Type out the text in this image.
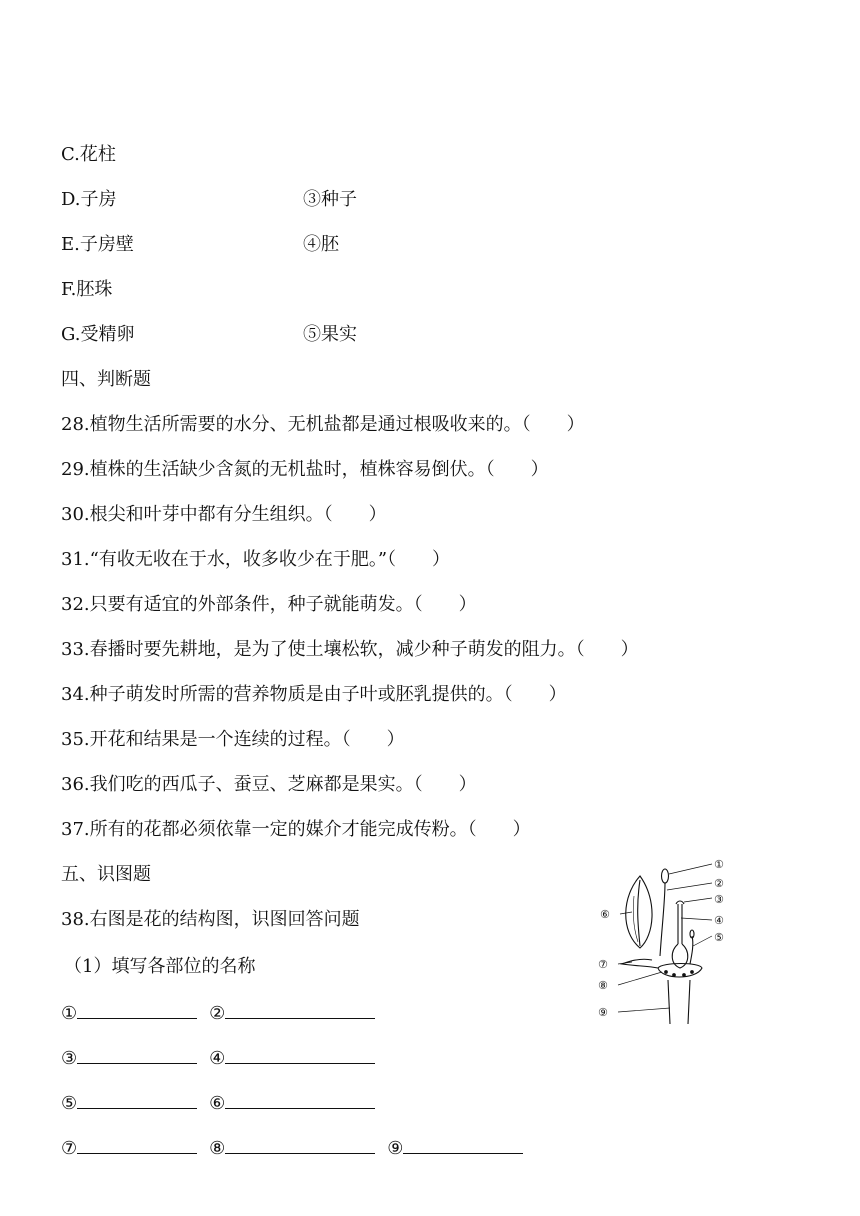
C.花柱
D.子房	③种子
E.子房壁	④胚
F.胚珠
G.受精卵	⑤果实
四、判断题
28.植物生活所需要的水分、无机盐都是通过根吸收来的。（　　）
29.植株的生活缺少含氮的无机盐时，植株容易倒伏。（　　）
30.根尖和叶芽中都有分生组织。（　　）
31.“有收无收在于水，收多收少在于肥。”（　　）
32.只要有适宜的外部条件，种子就能萌发。（　　）
33.春播时要先耕地，是为了使土壤松软，减少种子萌发的阻力。（　　）
34.种子萌发时所需的营养物质是由子叶或胚乳提供的。（　　）
35.开花和结果是一个连续的过程。（　　）
36.我们吃的西瓜子、蚕豆、芝麻都是果实。（　　）
37.所有的花都必须依靠一定的媒介才能完成传粉。（　　）
五、识图题
38.右图是花的结构图，识图回答问题
（1）填写各部位的名称
①	②
③	④
⑤	⑥
⑦	⑧	⑨
①
②
③
④
⑤
⑥
⑦
⑧
⑨
